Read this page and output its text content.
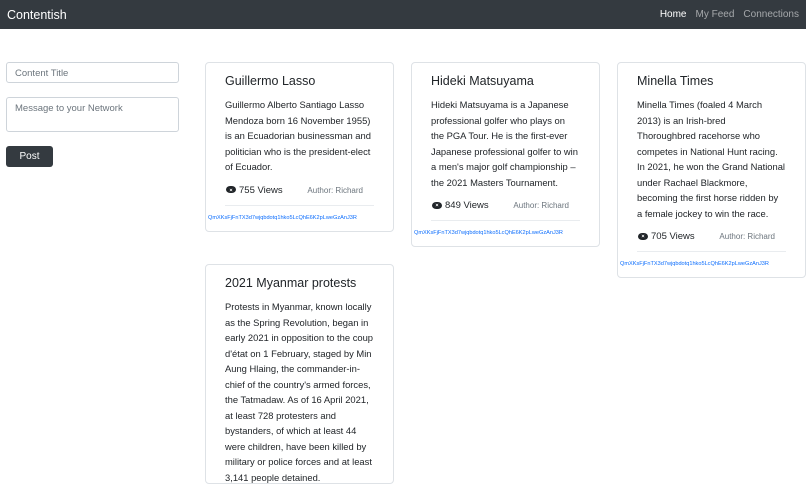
Contentish	Home My Feed Connections
Content Title
Message to your Network
Post
Guillermo Lasso

Guillermo Alberto Santiago Lasso Mendoza born 16 November 1955) is an Ecuadorian businessman and politician who is the president-elect of Ecuador.

755 Views	Author: Richard
QmXKsFjFnTX3d7wjqbdotq1hko5LcQhE6K2pLweGzAnJ3R
Hideki Matsuyama

Hideki Matsuyama is a Japanese professional golfer who plays on the PGA Tour. He is the first-ever Japanese professional golfer to win a men's major golf championship – the 2021 Masters Tournament.

849 Views	Author: Richard
QmXKsFjFnTX3d7wjqbdotq1hko5LcQhE6K2pLweGzAnJ3R
Minella Times

Minella Times (foaled 4 March 2013) is an Irish-bred Thoroughbred racehorse who competes in National Hunt racing. In 2021, he won the Grand National under Rachael Blackmore, becoming the first horse ridden by a female jockey to win the race.

705 Views	Author: Richard
QmXKsFjFnTX3d7wjqbdotq1hko5LcQhE6K2pLweGzAnJ3R
2021 Myanmar protests

Protests in Myanmar, known locally as the Spring Revolution, began in early 2021 in opposition to the coup d'état on 1 February, staged by Min Aung Hlaing, the commander-in-chief of the country's armed forces, the Tatmadaw. As of 16 April 2021, at least 728 protesters and bystanders, of which at least 44 were children, have been killed by military or police forces and at least 3,141 people detained.
